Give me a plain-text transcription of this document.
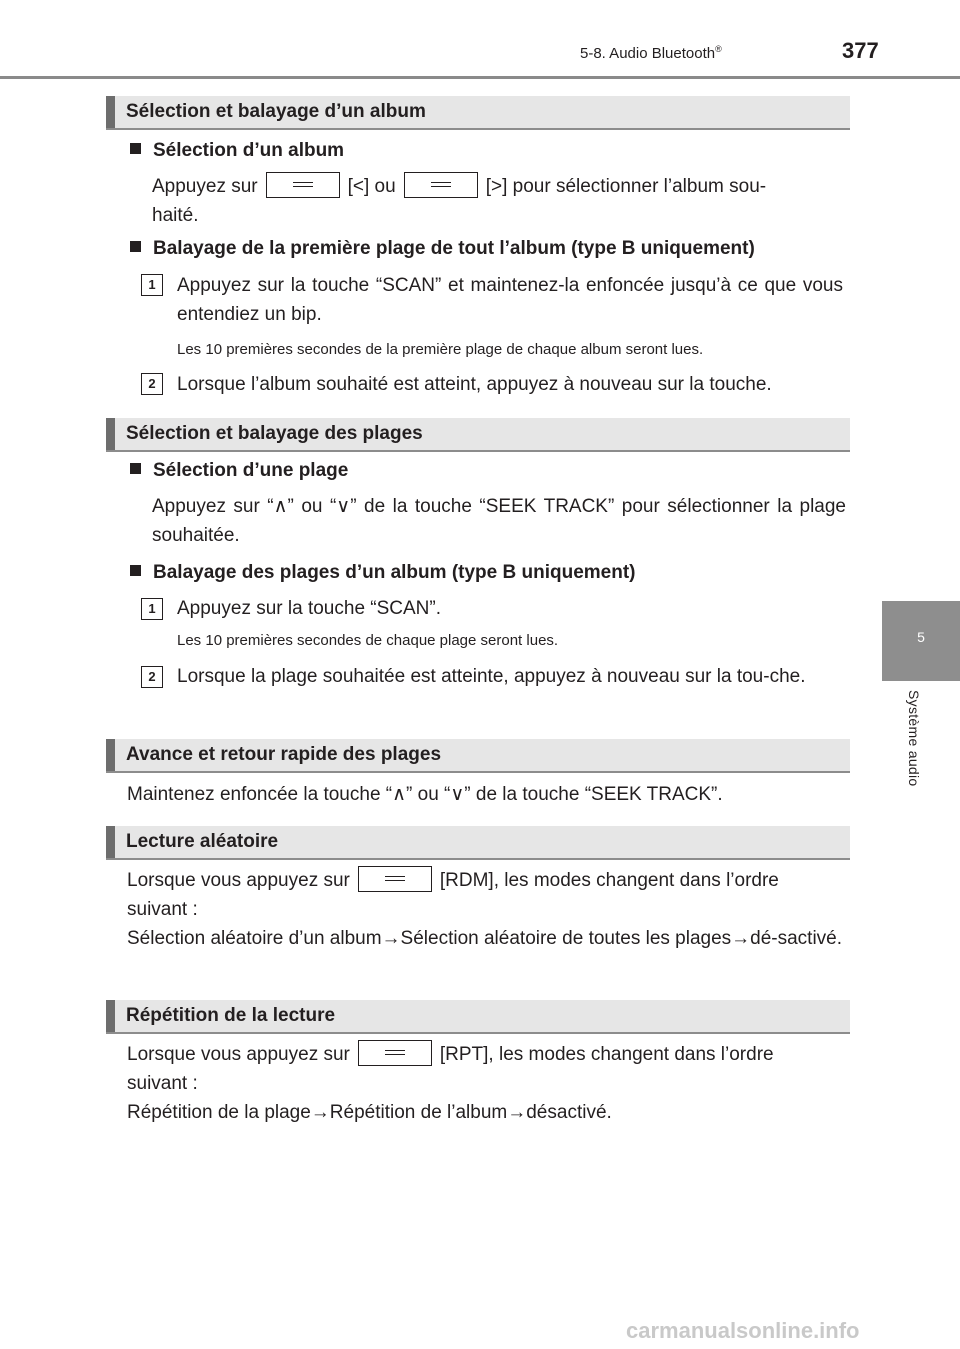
5-8. Audio Bluetooth®	377
5
Système audio
Sélection et balayage d’un album
Sélection d’un album
Appuyez sur	[<] ou	[>] pour sélectionner l’album sou-
haité.
Balayage de la première plage de tout l’album (type B uniquement)
1	Appuyez sur la touche “SCAN” et maintenez-la enfoncée jusqu’à ce que vous entendiez un bip.
Les 10 premières secondes de la première plage de chaque album seront lues.
2	Lorsque l’album souhaité est atteint, appuyez à nouveau sur la touche.
Sélection et balayage des plages
Sélection d’une plage
Appuyez sur “∧” ou “∨” de la touche “SEEK TRACK” pour sélectionner la plage souhaitée.
Balayage des plages d’un album (type B uniquement)
1	Appuyez sur la touche “SCAN”.
Les 10 premières secondes de chaque plage seront lues.
2	Lorsque la plage souhaitée est atteinte, appuyez à nouveau sur la tou-che.
Avance et retour rapide des plages
Maintenez enfoncée la touche “∧” ou “∨” de la touche “SEEK TRACK”.
Lecture aléatoire
Lorsque vous appuyez sur	[RDM], les modes changent dans l’ordre
suivant :
Sélection aléatoire d’un album→Sélection aléatoire de toutes les plages→dé-sactivé.
Répétition de la lecture
Lorsque vous appuyez sur	[RPT], les modes changent dans l’ordre
suivant :
Répétition de la plage→Répétition de l’album→désactivé.
carmanualsonline.info
